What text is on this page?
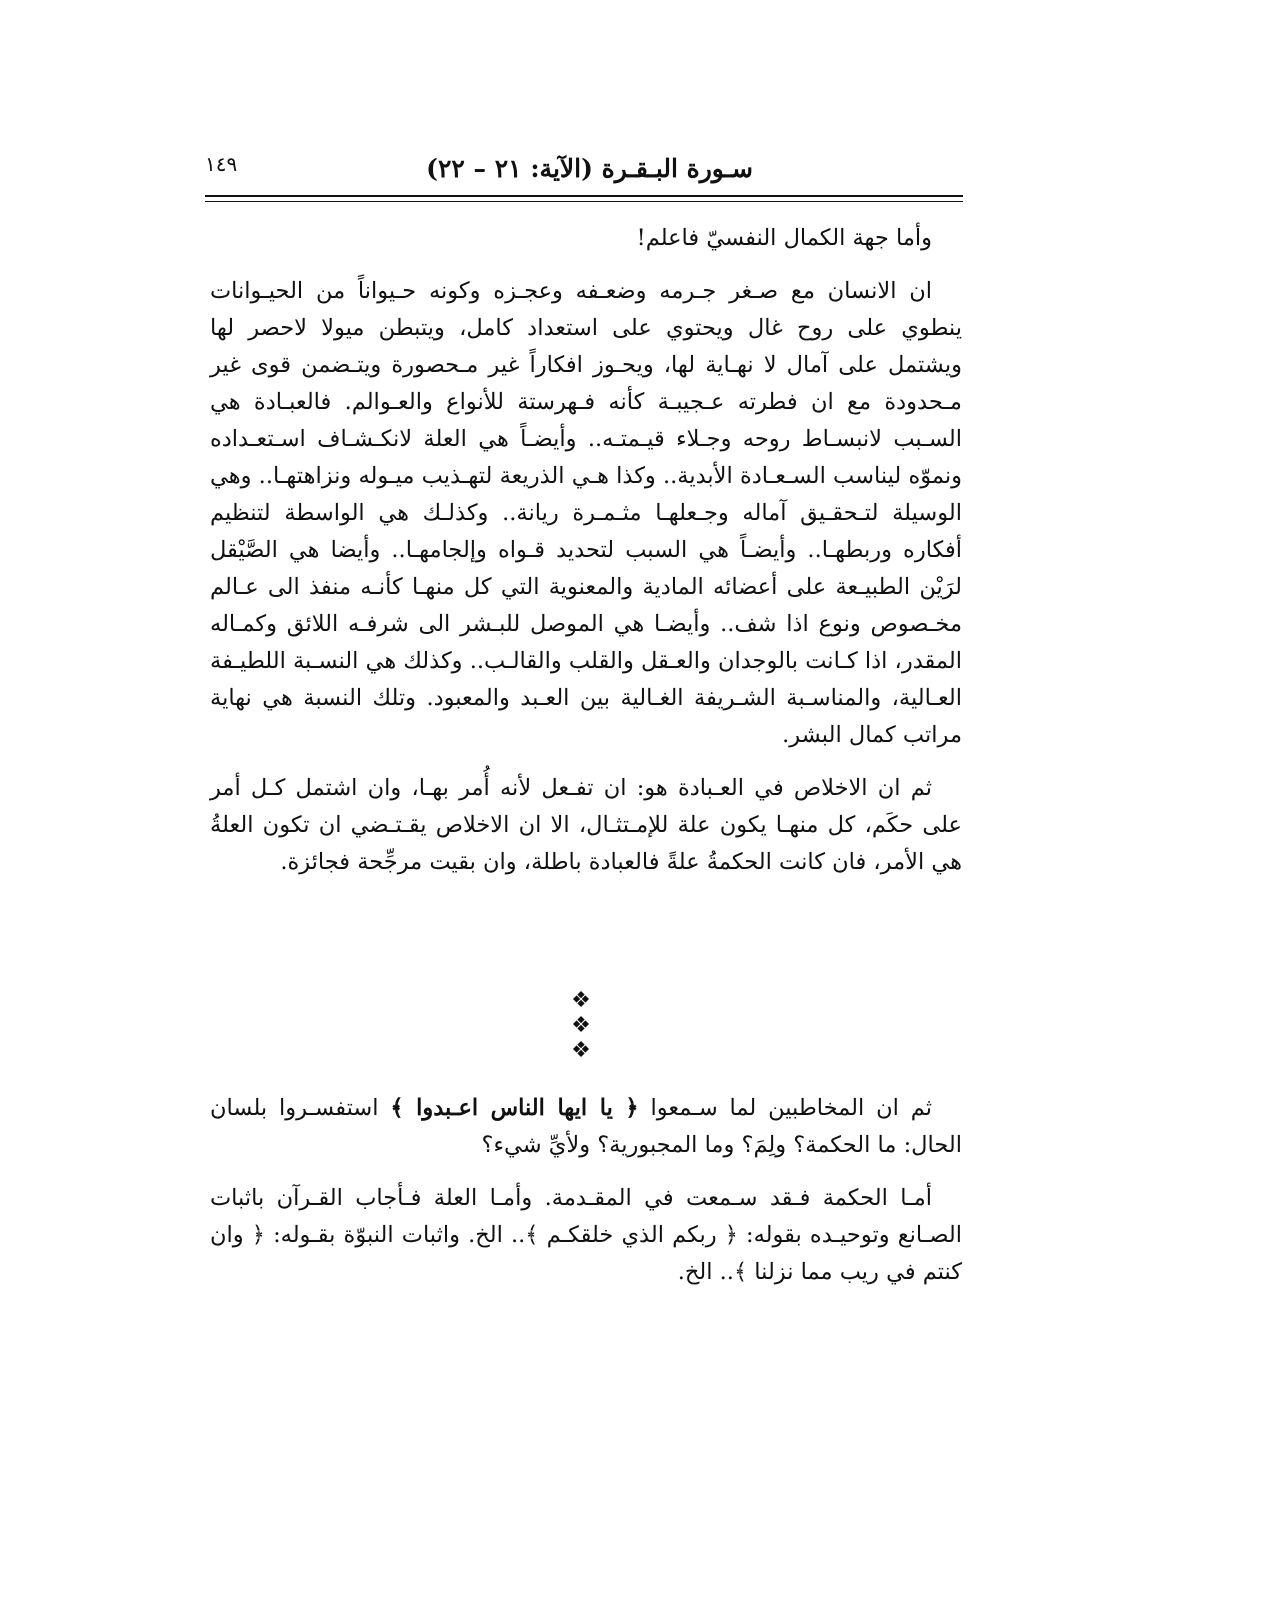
١٤٩	سـورة البـقـرة (الآية: ٢١ – ٢٢)

وأما جهة الكمال النفسيّ فاعلم!

ان الانسان مع صـغر جـرمه وضعـفه وعجـزه وكونه حـيواناً من الحيـوانات ينطوي على روح غال ويحتوي على استعداد كامل، ويتبطن ميولا لاحصر لها ويشتمل على آمال لا نهـاية لها، ويحـوز افكاراً غير مـحصورة ويتـضمن قوى غير مـحدودة مع ان فطرته عـجيبـة كأنه فـهرستة للأنواع والعـوالم. فالعبـادة هي السـبب لانبسـاط روحه وجـلاء قيـمتـه.. وأيضـاً هي العلة لانكـشـاف اسـتعـداده ونموّه ليناسب السـعـادة الأبدية.. وكذا هـي الذريعة لتهـذيب ميـوله ونزاهتهـا.. وهي الوسيلة لتـحقـيق آماله وجـعلهـا مثـمـرة ريانة.. وكذلـك هي الواسطة لتنظيم أفكاره وربطهـا.. وأيضـاً هي السبب لتحديد قـواه وإلجامهـا.. وأيضا هي الصَّيْقل لرَيْن الطبيـعة على أعضائه المادية والمعنوية التي كل منهـا كأنـه منفذ الى عـالم مخـصوص ونوع اذا شف.. وأيضـا هي الموصل للبـشر الى شرفـه اللائق وكمـاله المقدر، اذا كـانت بالوجدان والعـقل والقلب والقالـب.. وكذلك هي النسـبة اللطيـفة العـالية، والمناسـبة الشـريفة الغـالية بين العـبد والمعبود. وتلك النسبة هي نهاية مراتب كمال البشر.

ثم ان الاخلاص في العـبادة هو: ان تفـعل لأنه أُمر بهـا، وان اشتمل كـل أمر على حكَم، كل منهـا يكون علة للإمـتثـال، الا ان الاخلاص يقـتـضي ان تكون العلةُ هي الأمر، فان كانت الحكمةُ علةً فالعبادة باطلة، وان بقيت مرجِّحة فجائزة.

❖ ❖ ❖

ثم ان المخاطبين لما سـمعوا ﴿ يا ايها الناس اعـبدوا ﴾ استفسـروا بلسان الحال: ما الحكمة؟ ولِمَ؟ وما المجبورية؟ ولأيِّ شيء؟

أمـا الحكمة فـقد سـمعت في المقـدمة. وأمـا العلة فـأجاب القـرآن باثبات الصـانع وتوحيـده بقوله: ﴿ ربكم الذي خلقكـم ﴾.. الخ. واثبات النبوّة بقـوله: ﴿ وان كنتم في ريب مما نزلنا ﴾.. الخ.
